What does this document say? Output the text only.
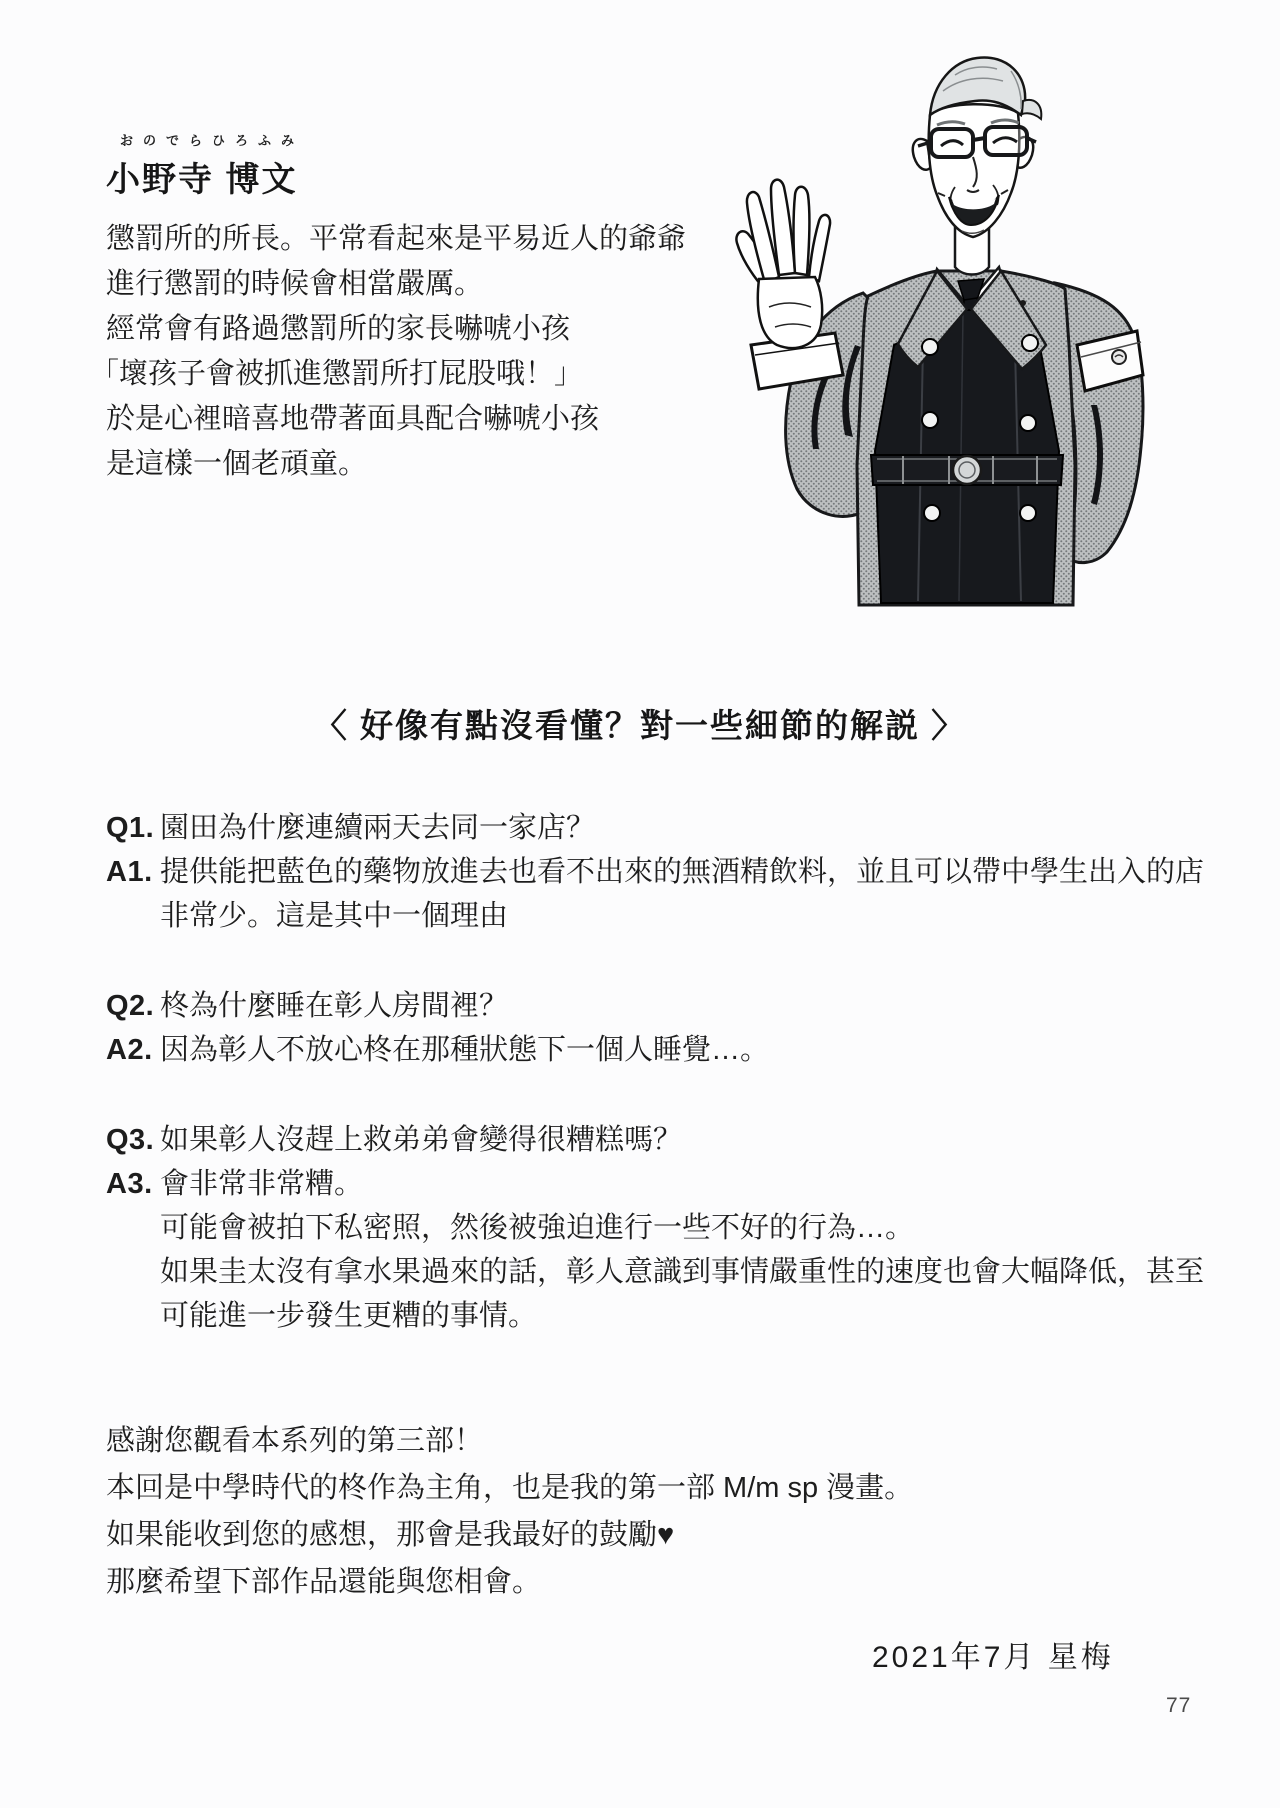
おのでらひろふみ
小野寺 博文
懲罰所的所長。平常看起來是平易近人的爺爺
進行懲罰的時候會相當嚴厲。
經常會有路過懲罰所的家長嚇唬小孩
「壞孩子會被抓進懲罰所打屁股哦！」
於是心裡暗喜地帶著面具配合嚇唬小孩
是這樣一個老頑童。
〈 好像有點沒看懂？對一些細節的解説 〉
Q1. 園田為什麼連續兩天去同一家店？
A1. 提供能把藍色的藥物放進去也看不出來的無酒精飲料，並且可以帶中學生出入的店
非常少。這是其中一個理由
Q2. 柊為什麼睡在彰人房間裡？
A2. 因為彰人不放心柊在那種狀態下一個人睡覺…。
Q3. 如果彰人沒趕上救弟弟會變得很糟糕嗎？
A3. 會非常非常糟。
可能會被拍下私密照，然後被強迫進行一些不好的行為…。
如果圭太沒有拿水果過來的話，彰人意識到事情嚴重性的速度也會大幅降低，甚至
可能進一步發生更糟的事情。
感謝您觀看本系列的第三部！
本回是中學時代的柊作為主角，也是我的第一部 M/m sp 漫畫。
如果能收到您的感想，那會是我最好的鼓勵♥
那麼希望下部作品還能與您相會。
2021年7月 星梅
77
